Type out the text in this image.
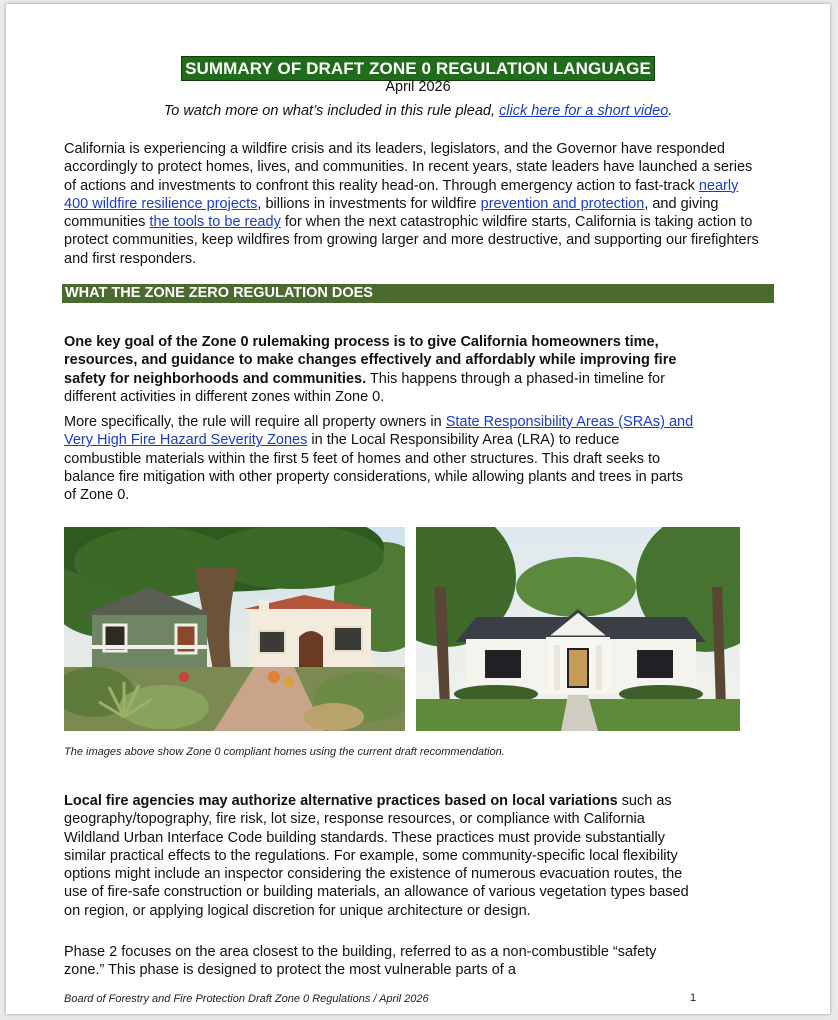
SUMMARY OF DRAFT ZONE 0 REGULATION LANGUAGE
April 2026
To watch more on what’s included in this rule plead, click here for a short video.

California is experiencing a wildfire crisis and its leaders, legislators, and the Governor have responded accordingly to protect homes, lives, and communities. In recent years, state leaders have launched a series of actions and investments to confront this reality head-on. Through emergency action to fast-track nearly 400 wildfire resilience projects, billions in investments for wildfire prevention and protection, and giving communities the tools to be ready for when the next catastrophic wildfire starts, California is taking action to protect communities, keep wildfires from growing larger and more destructive, and supporting our firefighters and first responders.

WHAT THE ZONE ZERO REGULATION DOES

One key goal of the Zone 0 rulemaking process is to give California homeowners time, resources, and guidance to make changes effectively and affordably while improving fire safety for neighborhoods and communities. This happens through a phased-in timeline for different activities in different zones within Zone 0.

More specifically, the rule will require all property owners in State Responsibility Areas (SRAs) and Very High Fire Hazard Severity Zones in the Local Responsibility Area (LRA) to reduce combustible materials within the first 5 feet of homes and other structures. This draft seeks to balance fire mitigation with other property considerations, while allowing plants and trees in parts of Zone 0.

The images above show Zone 0 compliant homes using the current draft recommendation.

Local fire agencies may authorize alternative practices based on local variations such as geography/topography, fire risk, lot size, response resources, or compliance with California Wildland Urban Interface Code building standards. These practices must provide substantially similar practical effects to the regulations. For example, some community-specific local flexibility options might include an inspector considering the existence of numerous evacuation routes, the use of fire-safe construction or building materials, an allowance of various vegetation types based on region, or applying logical discretion for unique architecture or design.

Phase 2 focuses on the area closest to the building, referred to as a non-combustible “safety zone.” This phase is designed to protect the most vulnerable parts of a

Board of Forestry and Fire Protection Draft Zone 0 Regulations / April 2026	1
